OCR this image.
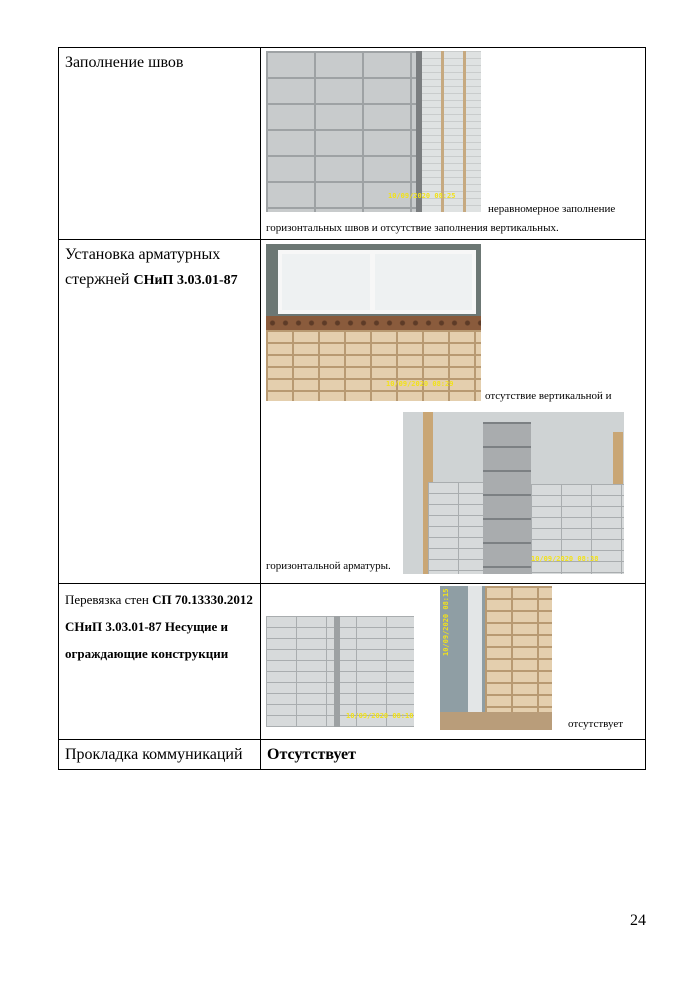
Заполнение швов	10/09/2020 08:25
неравномерное заполнение
горизонтальных швов и отсутствие заполнения вертикальных.

Установка арматурных стержней СНиП 3.03.01-87	10/09/2020 08:29
отсутствие вертикальной и
10/09/2020 08:38
горизонтальной арматуры.

Перевязка стен СП 70.13330.2012 СНиП 3.03.01-87 Несущие и ограждающие конструкции	10/09/2020 08:10
10/09/2020 08:15
отсутствует

Прокладка коммуникаций	Отсутствует
24
